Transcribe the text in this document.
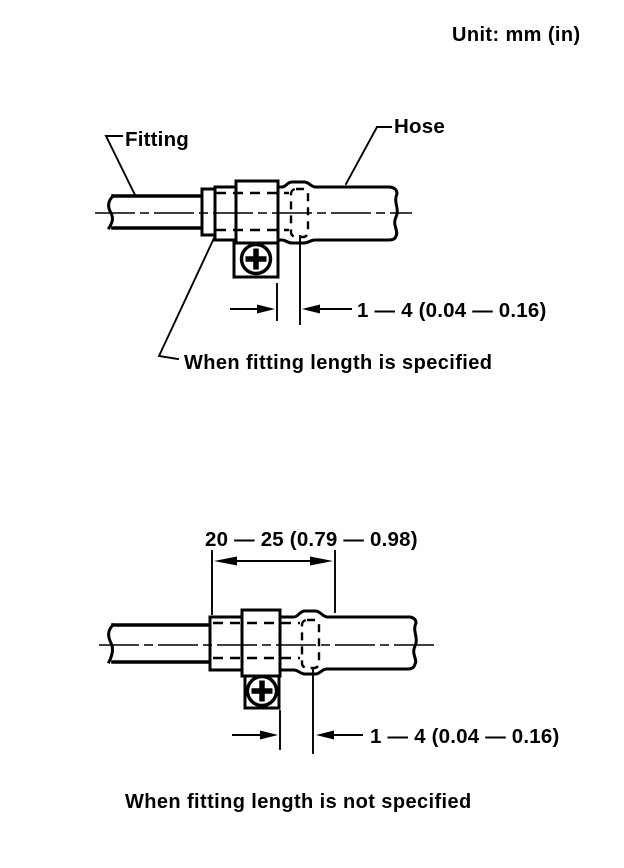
Unit: mm (in)
1 — 4 (0.04 — 0.16)
Fitting
Hose
When fitting length is specified
20 — 25 (0.79 — 0.98)
1 — 4 (0.04 — 0.16)
When fitting length is not specified
